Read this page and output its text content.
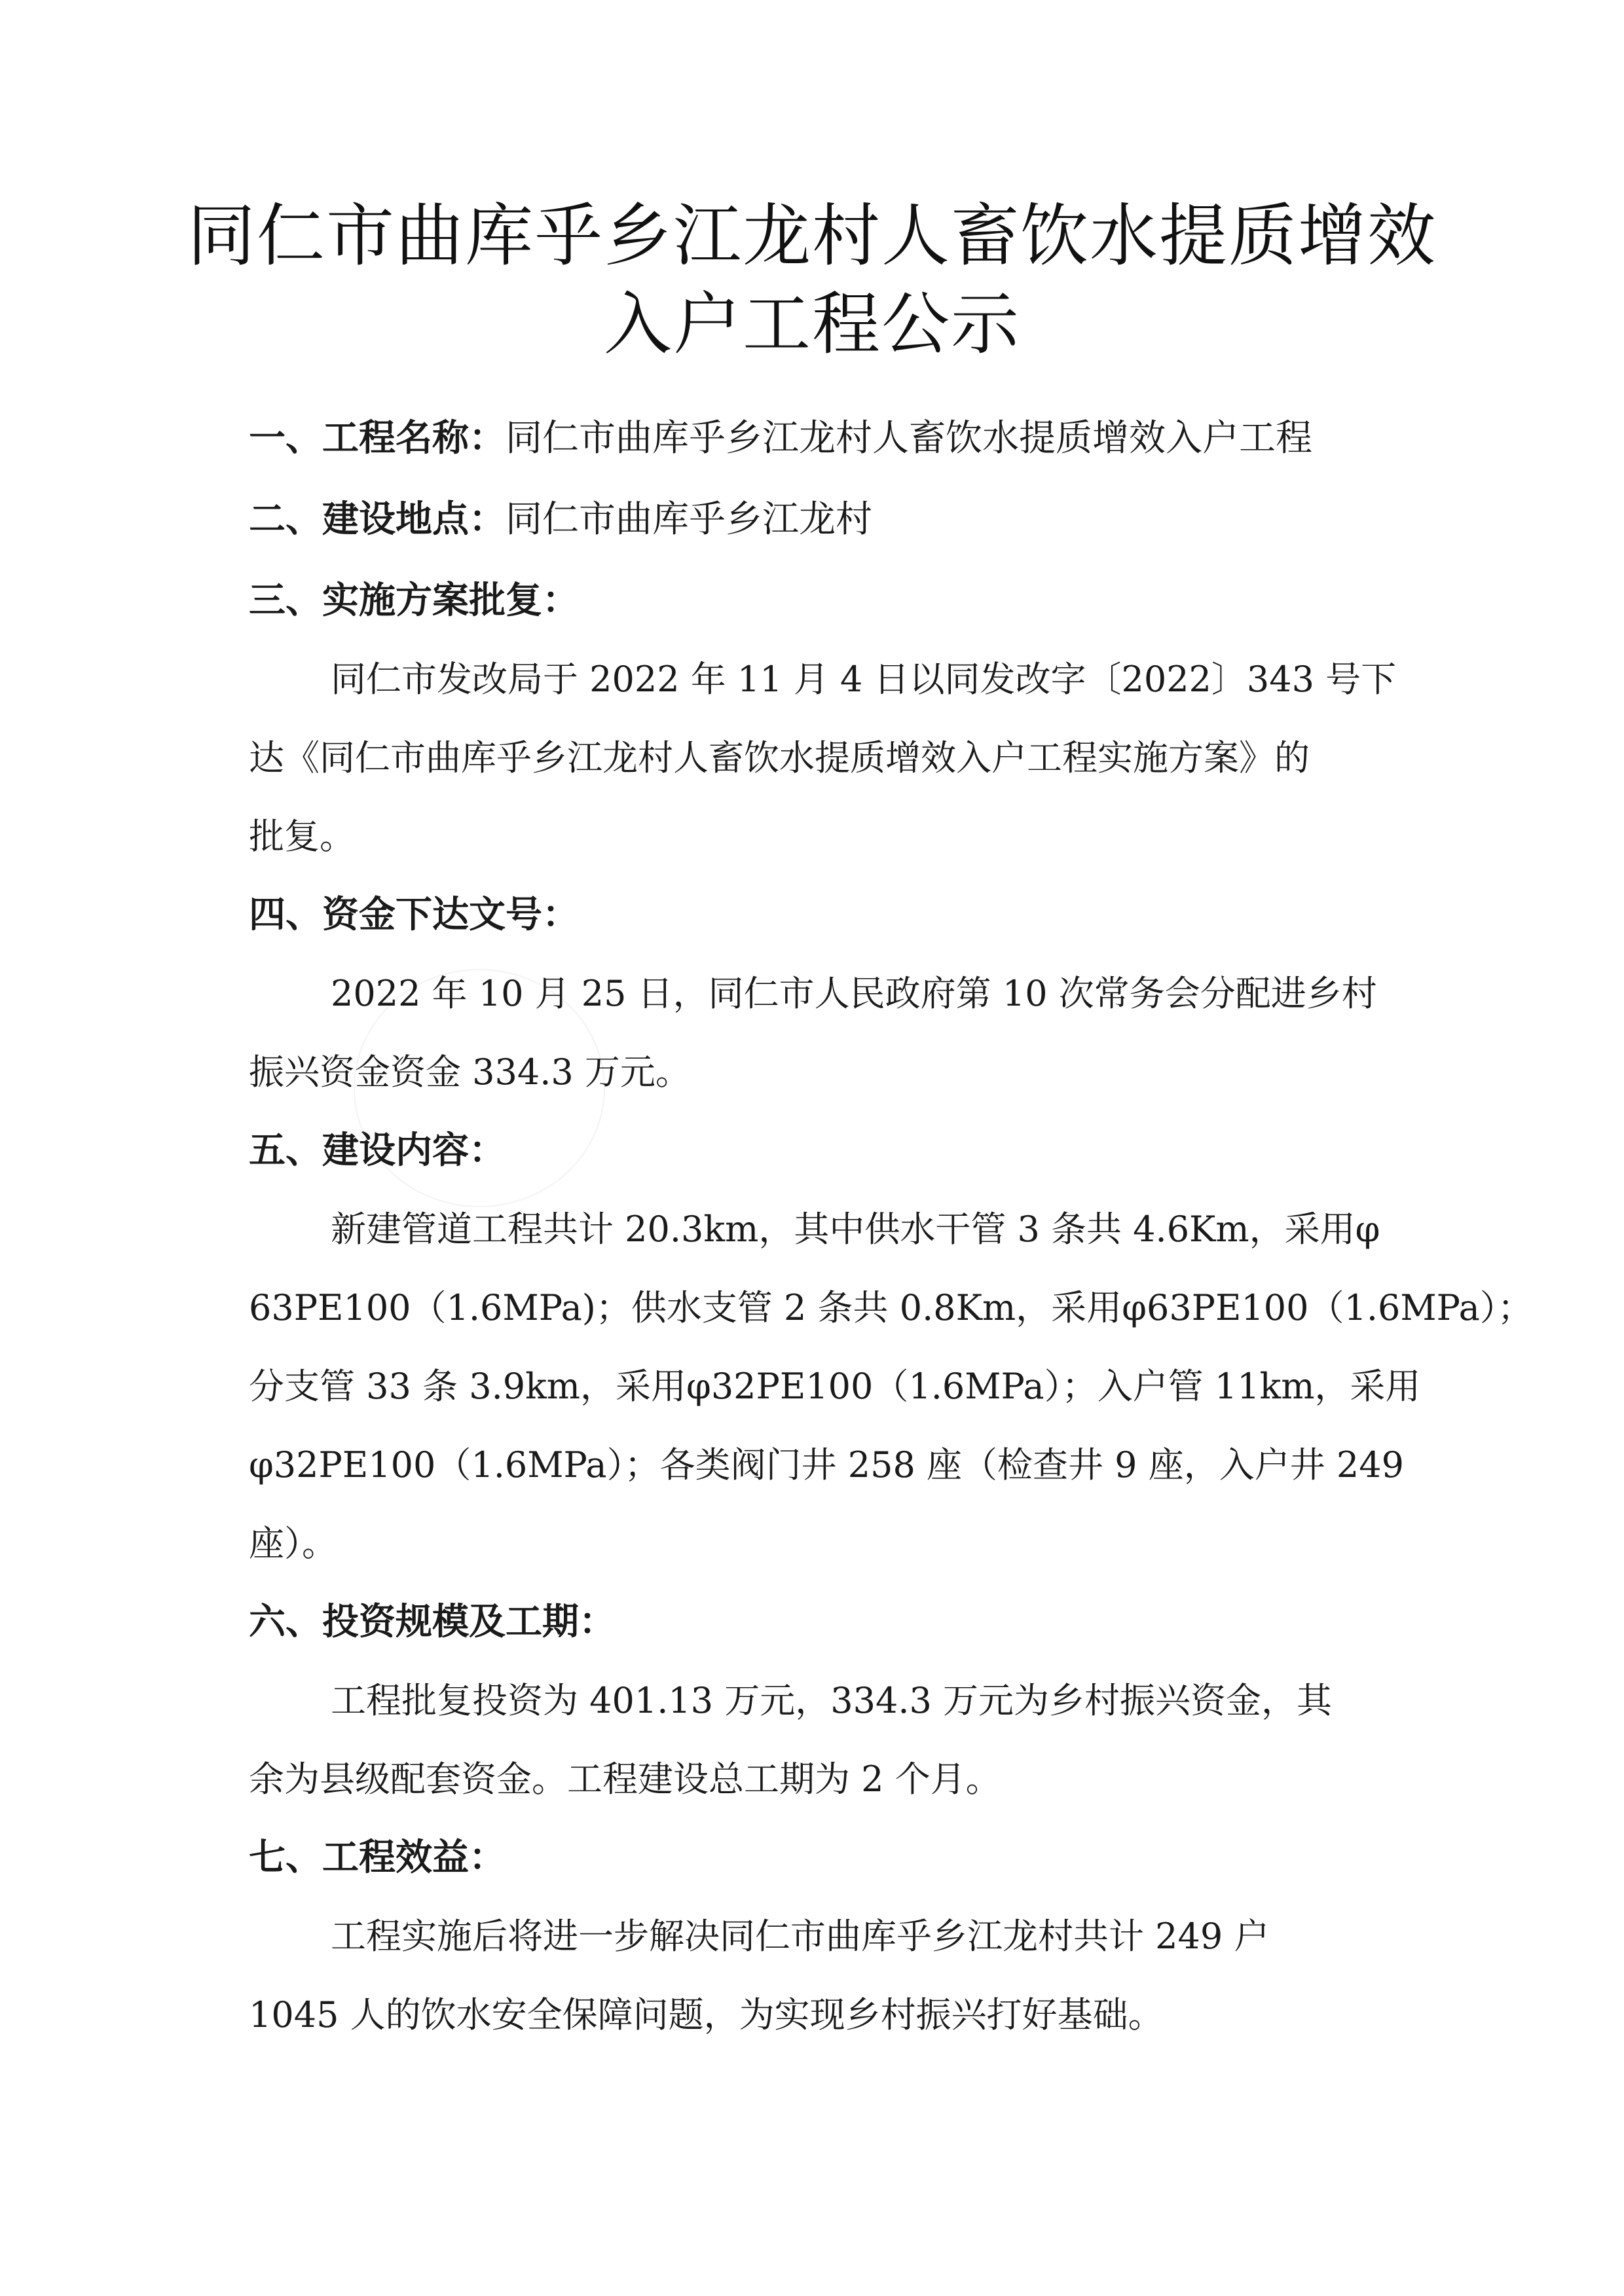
同仁市曲库乎乡江龙村人畜饮水提质增效
入户工程公示
一、工程名称：同仁市曲库乎乡江龙村人畜饮水提质增效入户工程
二、建设地点：同仁市曲库乎乡江龙村
三、实施方案批复：
同仁市发改局于 2022 年 11 月 4 日以同发改字〔2022〕343 号下
达《同仁市曲库乎乡江龙村人畜饮水提质增效入户工程实施方案》的
批复。
四、资金下达文号：
2022 年 10 月 25 日，同仁市人民政府第 10 次常务会分配进乡村
振兴资金资金 334.3 万元。
五、建设内容：
新建管道工程共计 20.3km，其中供水干管 3 条共 4.6Km，采用φ
63PE100（1.6MPa)；供水支管 2 条共 0.8Km，采用φ63PE100（1.6MPa）；
分支管 33 条 3.9km，采用φ32PE100（1.6MPa）；入户管 11km，采用
φ32PE100（1.6MPa）；各类阀门井 258 座（检查井 9 座，入户井 249
座）。
六、投资规模及工期：
工程批复投资为 401.13 万元，334.3 万元为乡村振兴资金，其
余为县级配套资金。工程建设总工期为 2 个月。
七、工程效益：
工程实施后将进一步解决同仁市曲库乎乡江龙村共计 249 户
1045 人的饮水安全保障问题，为实现乡村振兴打好基础。
